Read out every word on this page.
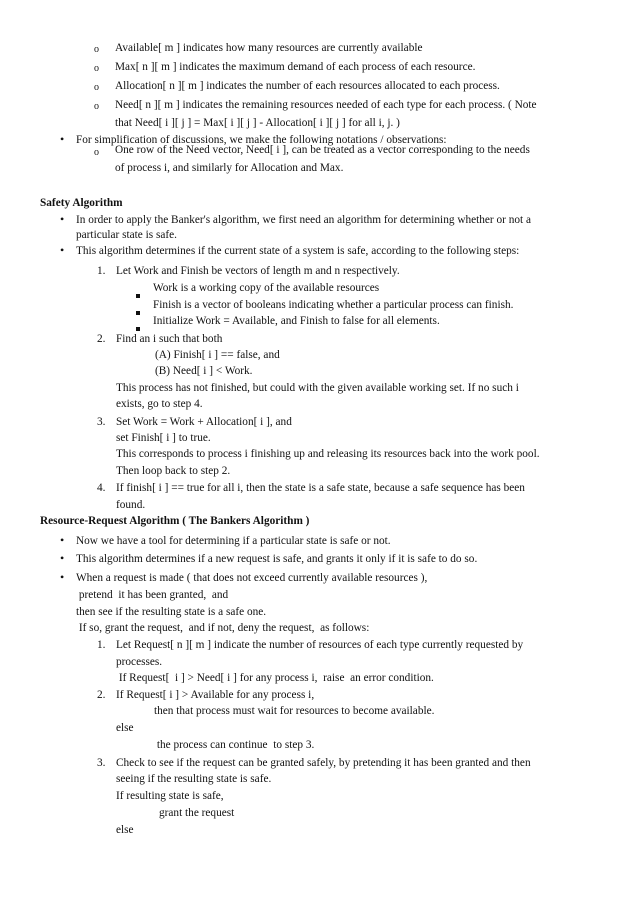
o Available[ m ] indicates how many resources are currently available
o Max[ n ][ m ] indicates the maximum demand of each process of each resource.
o Allocation[ n ][ m ] indicates the number of each resources allocated to each process.
o Need[ n ][ m ] indicates the remaining resources needed of each type for each process. ( Note
that Need[ i ][ j ] = Max[ i ][ j ] - Allocation[ i ][ j ] for all i, j. )
• For simplification of discussions, we make the following notations / observations:
o One row of the Need vector, Need[ i ], can be treated as a vector corresponding to the needs
of process i, and similarly for Allocation and Max.
Safety Algorithm
• In order to apply the Banker's algorithm, we first need an algorithm for determining whether or not a
particular state is safe.
• This algorithm determines if the current state of a system is safe, according to the following steps:
1. Let Work and Finish be vectors of length m and n respectively.
Work is a working copy of the available resources
Finish is a vector of booleans indicating whether a particular process can finish.
Initialize Work = Available, and Finish to false for all elements.
2. Find an i such that both
(A) Finish[ i ] == false, and
(B) Need[ i ] < Work.
This process has not finished, but could with the given available working set. If no such i
exists, go to step 4.
3. Set Work = Work + Allocation[ i ], and
set Finish[ i ] to true.
This corresponds to process i finishing up and releasing its resources back into the work pool.
Then loop back to step 2.
4. If finish[ i ] == true for all i, then the state is a safe state, because a safe sequence has been
found.
Resource-Request Algorithm ( The Bankers Algorithm )
• Now we have a tool for determining if a particular state is safe or not.
• This algorithm determines if a new request is safe, and grants it only if it is safe to do so.
• When a request is made ( that does not exceed currently available resources ),
pretend  it has been granted,  and
then see if the resulting state is a safe one.
If so, grant the request,  and if not, deny the request,  as follows:
1. Let Request[ n ][ m ] indicate the number of resources of each type currently requested by
processes.
If Request[  i ] > Need[ i ] for any process i,  raise  an error condition.
2. If Request[ i ] > Available for any process i,
then that process must wait for resources to become available.
else
the process can continue  to step 3.
3. Check to see if the request can be granted safely, by pretending it has been granted and then
seeing if the resulting state is safe.
If resulting state is safe,
grant the request
else
